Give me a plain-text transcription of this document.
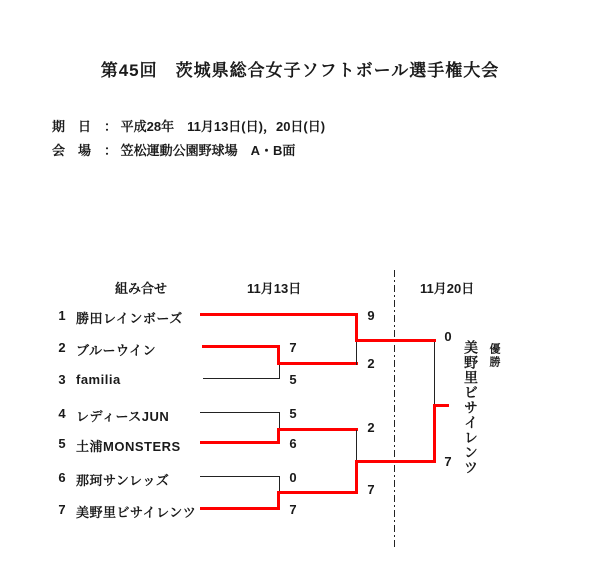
第45回　茨城県総合女子ソフトボール選手権大会
期　日　： 平成28年　11月13日(日)，20日(日)
会　場　： 笠松運動公園野球場　A・B面
組み合せ	11月13日	11月20日
1 勝田レインボーズ
2 ブルーウイン
3 familia
4 レディースJUN
5 土浦MONSTERS
6 那珂サンレッズ
7 美野里ビサイレンツ
7
5
5
6
0
7
9
2
2
7
0
7 美野里ビサイレンツ 優勝
